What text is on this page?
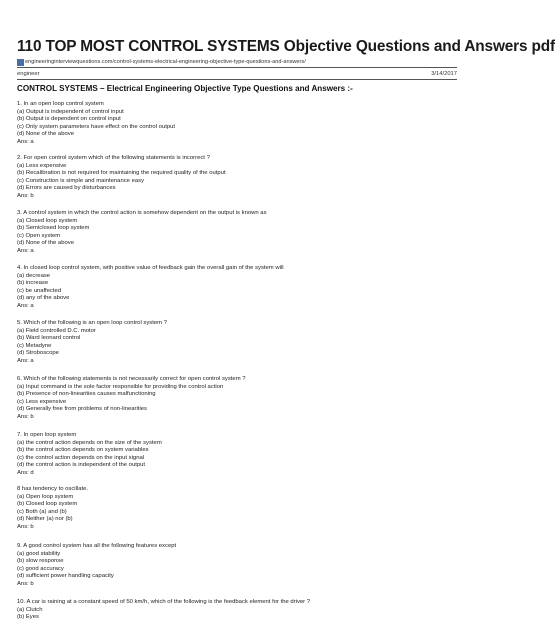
110 TOP MOST CONTROL SYSTEMS Objective Questions and Answers pdf
engineeringinterviewquestions.com/control-systems-electrical-engineering-objective-type-questions-and-answers/
engineer	3/14/2017
CONTROL SYSTEMS – Electrical Engineering Objective Type Questions and Answers :-
1. In an open loop control system
(a) Output is independent of control input
(b) Output is dependent on control input
(c) Only system parameters have effect on the control output
(d) None of the above
Ans: a
2. For open control system which of the following statements is incorrect ?
(a) Less expensive
(b) Recalibration is not required for maintaining the required quality of the output
(c) Construction is simple and maintenance easy
(d) Errors are caused by disturbances
Ans: b
3. A control system in which the control action is somehow dependent on the output is known as
(a) Closed loop system
(b) Semiclosed loop system
(c) Open system
(d) None of the above
Ans: a
4. In closed loop control system, with positive value of feedback gain the overall gain of the system will
(a) decrease
(b) increase
(c) be unaffected
(d) any of the above
Ans: a
5. Which of the following is an open loop control system ?
(a) Field controlled D.C. motor
(b) Ward leonard control
(c) Metadyne
(d) Stroboscope
Ans: a
6. Which of the following statements is not necessarily correct for open control system ?
(a) Input command is the sole factor responsible for providing the control action
(b) Presence of non-linearities causes malfunctioning
(c) Less expensive
(d) Generally free from problems of non-linearities
Ans: b
7. In open loop system
(a) the control action depends on the size of the system
(b) the control action depends on system variables
(c) the control action depends on the input signal
(d) the control action is independent of the output
Ans: d
8 has tendency to oscillate.
(a) Open loop system
(b) Closed loop system
(c) Both (a) and (b)
(d) Neither (a) nor (b)
Ans: b
9. A good control system has all the following features except
(a) good stability
(b) slow response
(c) good accuracy
(d) sufficient power handling capacity
Ans: b
10. A car is raining at a constant speed of 50 km/h, which of the following is the feedback element for the driver ?
(a) Clutch
(b) Eyes
